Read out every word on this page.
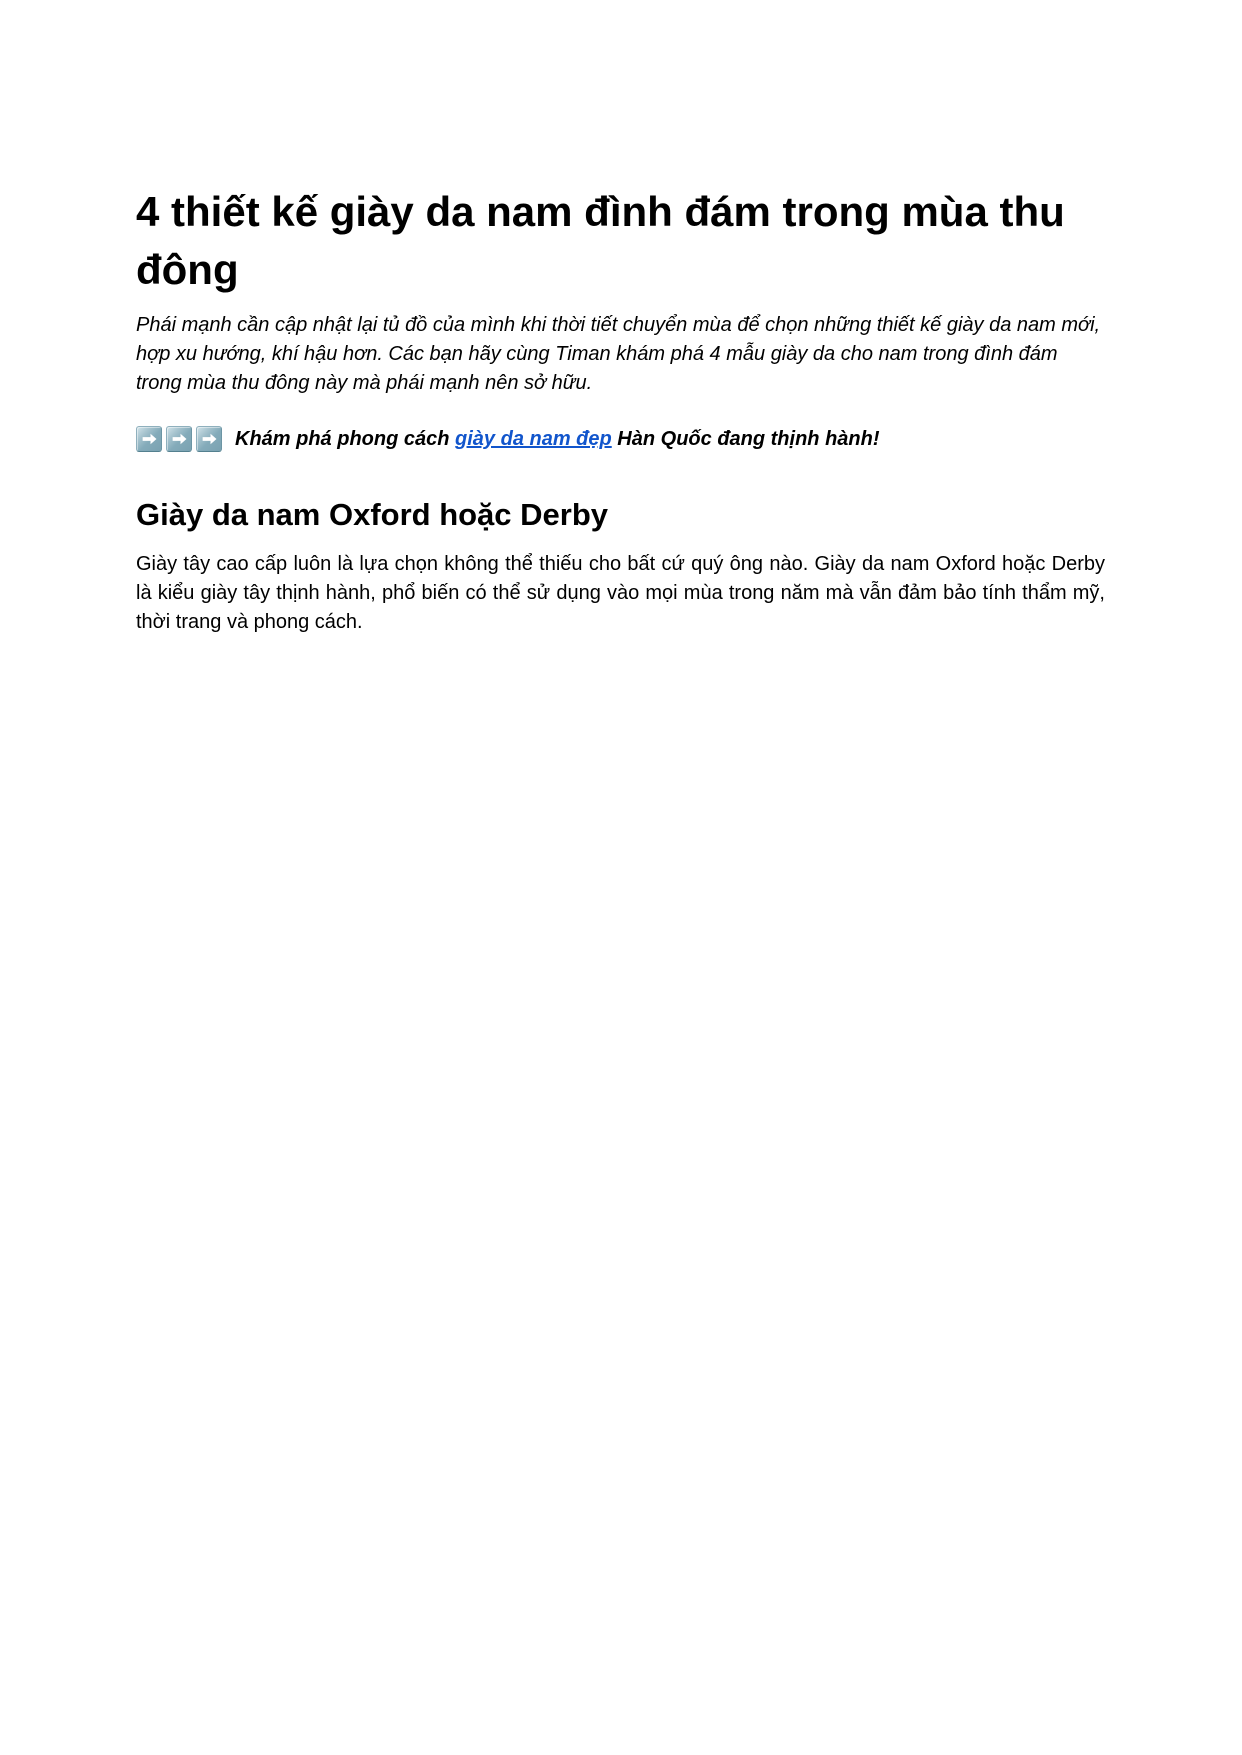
4 thiết kế giày da nam đình đám trong mùa thu đông

Phái mạnh cần cập nhật lại tủ đồ của mình khi thời tiết chuyển mùa để chọn những thiết kế giày da nam mới, hợp xu hướng, khí hậu hơn. Các bạn hãy cùng Timan khám phá 4 mẫu giày da cho nam trong đình đám trong mùa thu đông này mà phái mạnh nên sở hữu.

Khám phá phong cách giày da nam đẹp Hàn Quốc đang thịnh hành!

Giày da nam Oxford hoặc Derby

Giày tây cao cấp luôn là lựa chọn không thể thiếu cho bất cứ quý ông nào. Giày da nam Oxford hoặc Derby là kiểu giày tây thịnh hành, phổ biến có thể sử dụng vào mọi mùa trong năm mà vẫn đảm bảo tính thẩm mỹ, thời trang và phong cách.
